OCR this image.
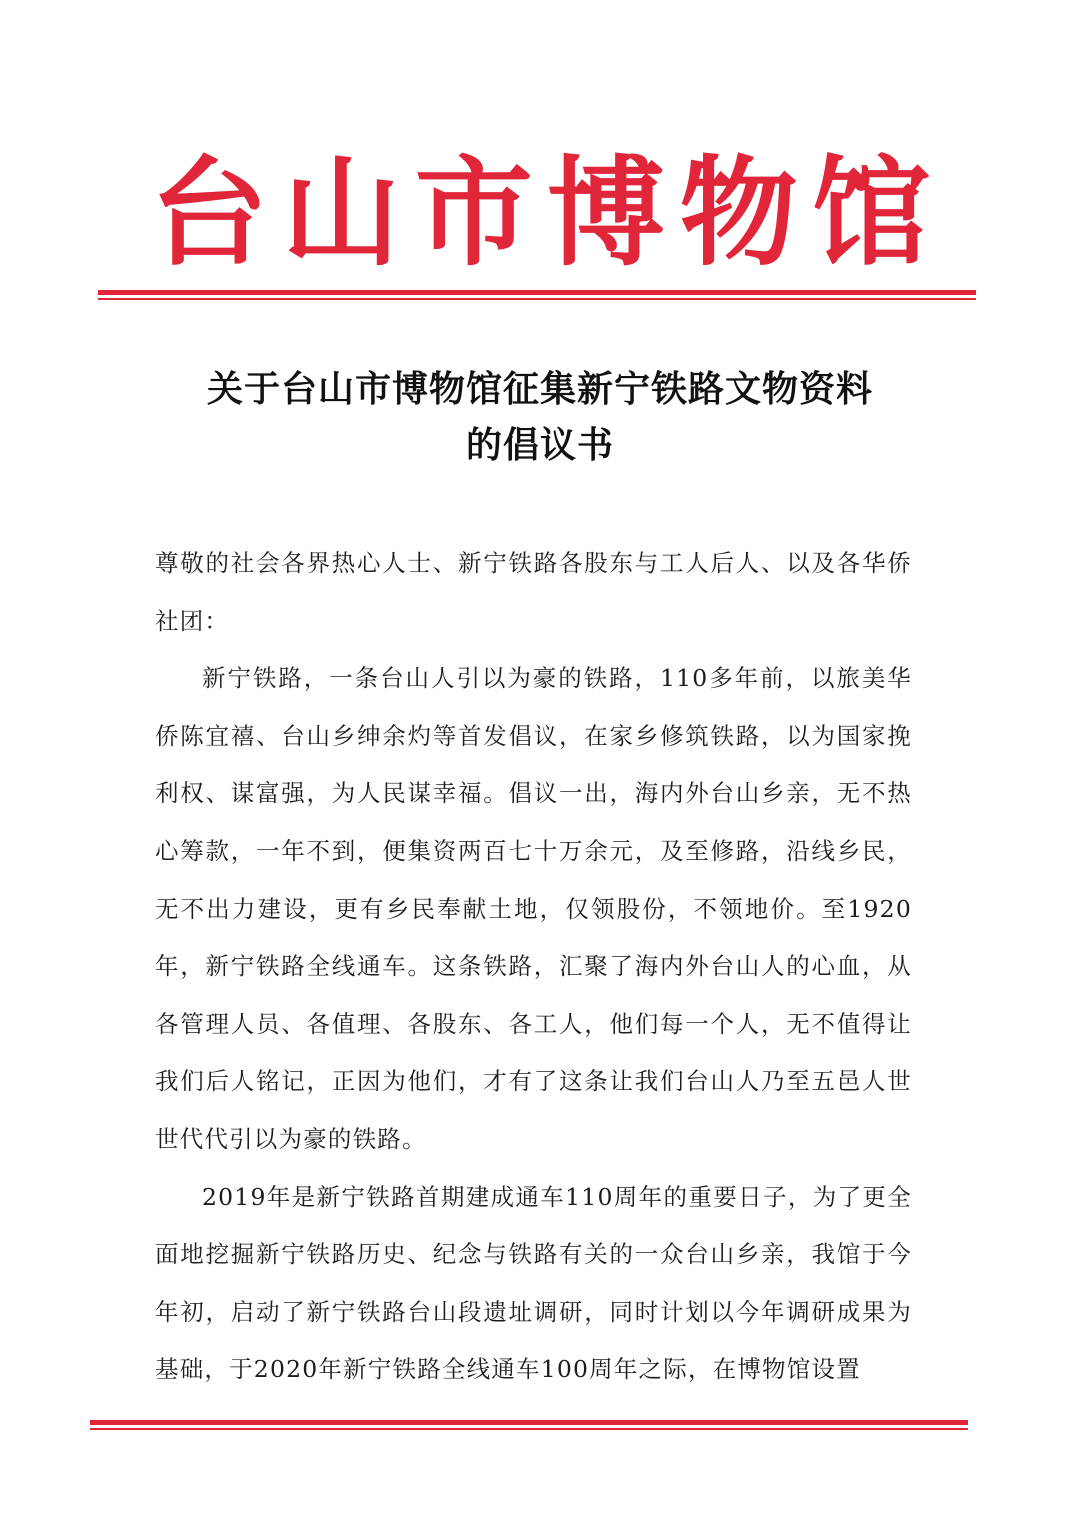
台 山 市 博 物 馆
关于台山市博物馆征集新宁铁路文物资料
的倡议书

尊敬的社会各界热心人士、新宁铁路各股东与工人后人、以及各华侨社团：

新宁铁路，一条台山人引以为豪的铁路，110多年前，以旅美华侨陈宜禧、台山乡绅余灼等首发倡议，在家乡修筑铁路，以为国家挽利权、谋富强，为人民谋幸福。倡议一出，海内外台山乡亲，无不热心筹款，一年不到，便集资两百七十万余元，及至修路，沿线乡民，无不出力建设，更有乡民奉献土地，仅领股份，不领地价。至1920年，新宁铁路全线通车。这条铁路，汇聚了海内外台山人的心血，从各管理人员、各值理、各股东、各工人，他们每一个人，无不值得让我们后人铭记，正因为他们，才有了这条让我们台山人乃至五邑人世世代代引以为豪的铁路。

2019年是新宁铁路首期建成通车110周年的重要日子，为了更全面地挖掘新宁铁路历史、纪念与铁路有关的一众台山乡亲，我馆于今年初，启动了新宁铁路台山段遗址调研，同时计划以今年调研成果为基础，于2020年新宁铁路全线通车100周年之际，在博物馆设置
